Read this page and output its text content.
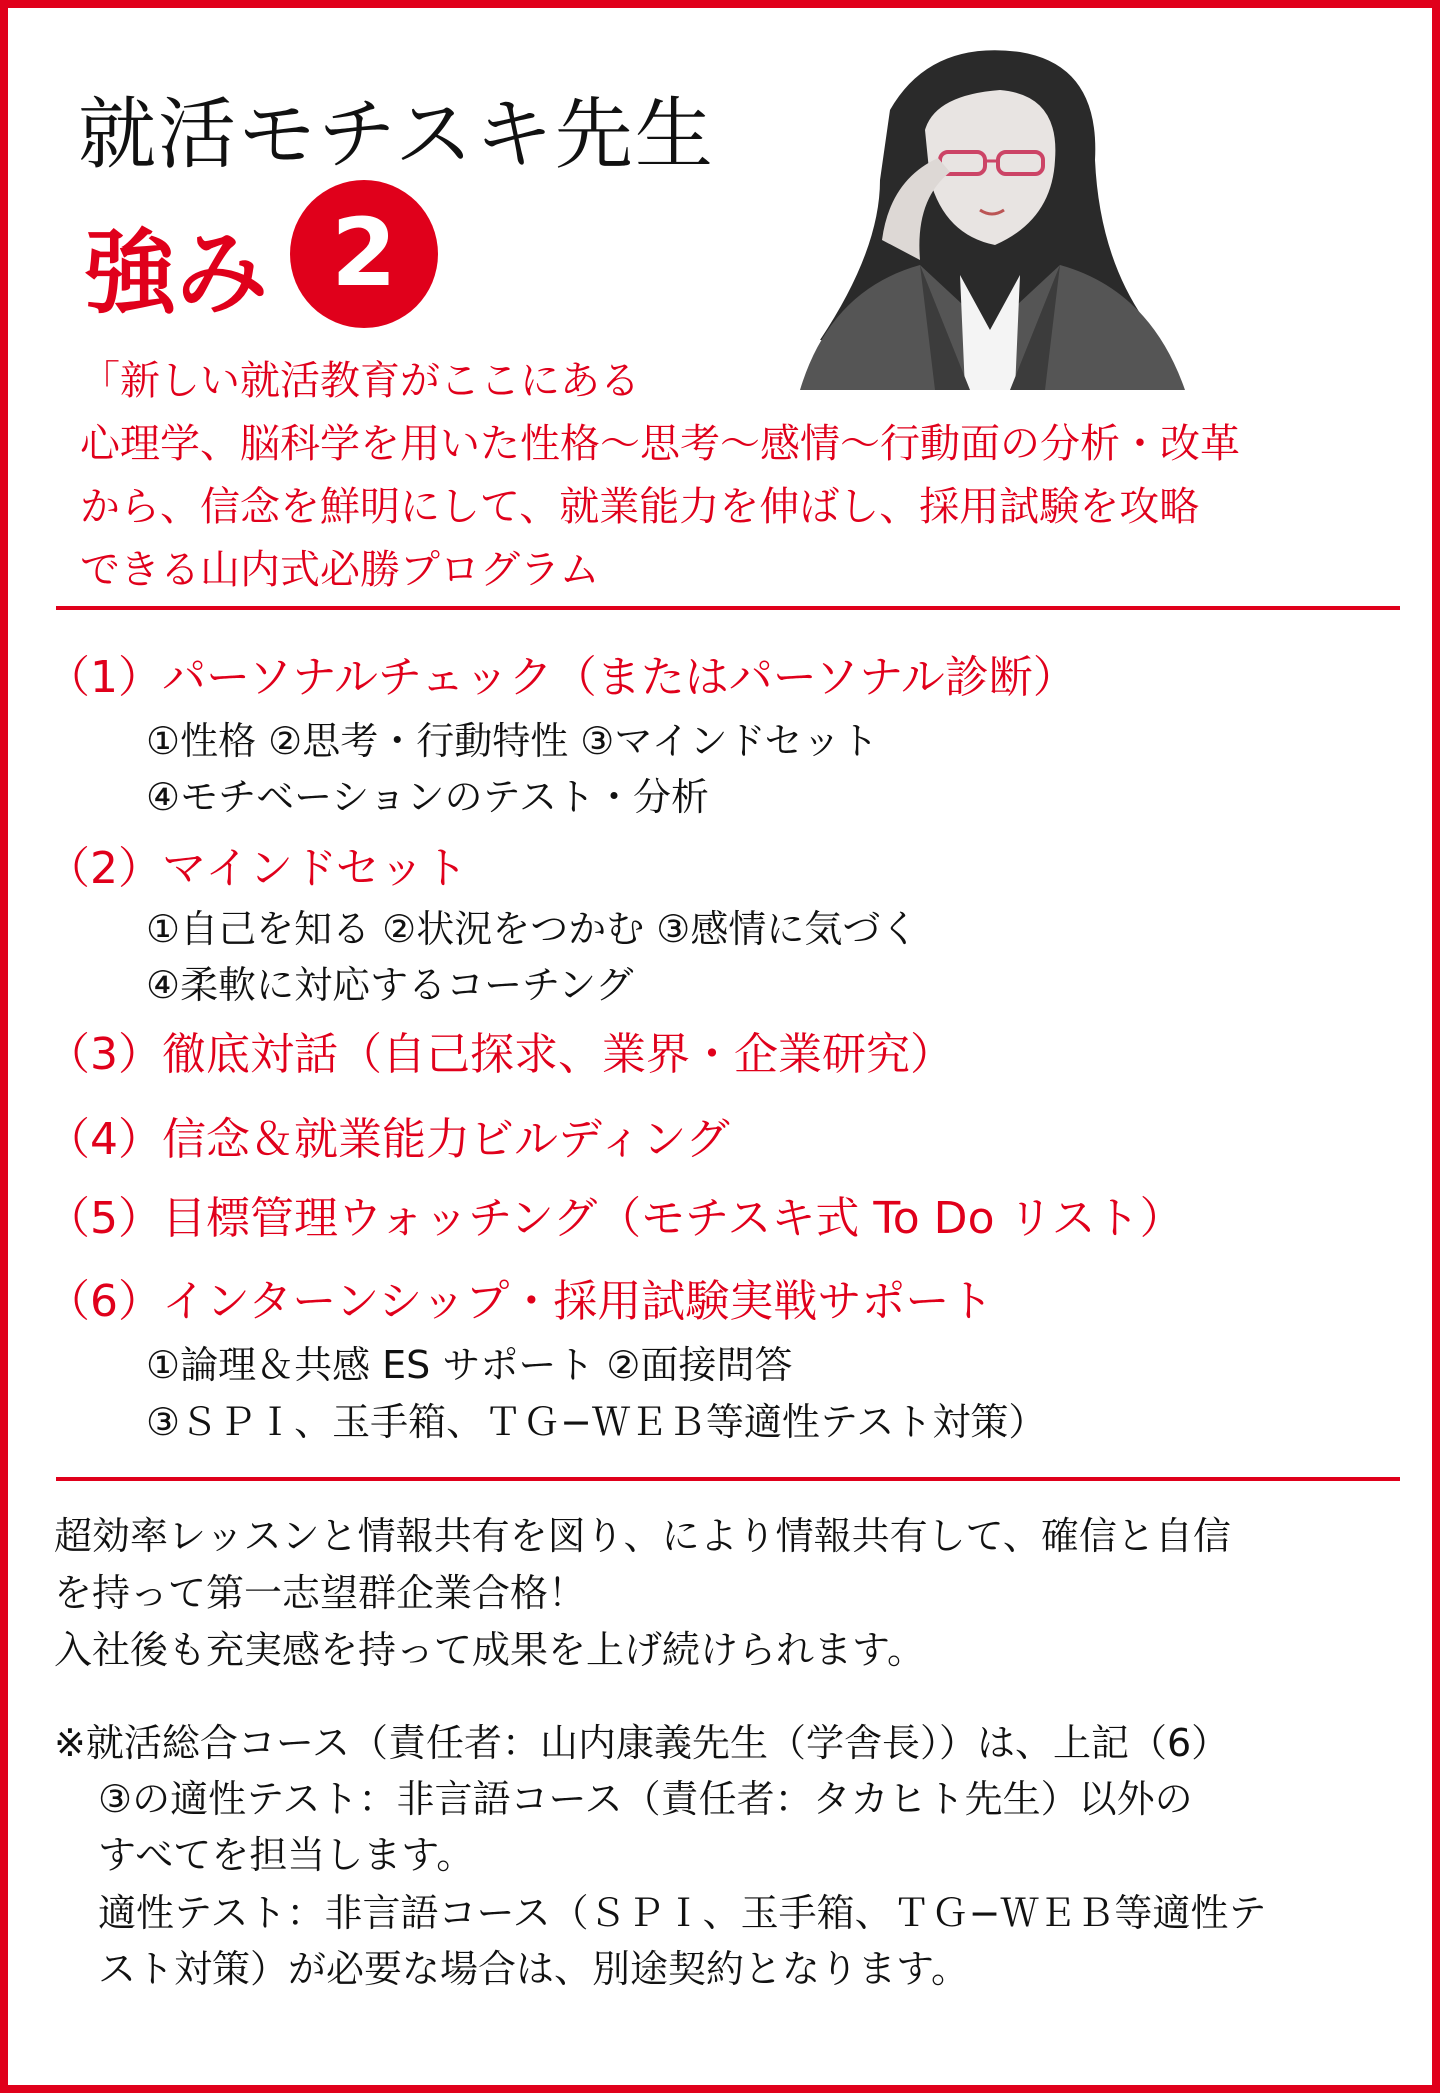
就活モチスキ先生
強み 2
「新しい就活教育がここにある
心理学、脳科学を用いた性格〜思考〜感情〜行動面の分析・改革
から、信念を鮮明にして、就業能力を伸ばし、採用試験を攻略
できる山内式必勝プログラム
（1）パーソナルチェック（またはパーソナル診断）
①性格 ②思考・行動特性 ③マインドセット
④モチベーションのテスト・分析
（2）マインドセット
①自己を知る ②状況をつかむ ③感情に気づく
④柔軟に対応するコーチング
（3）徹底対話（自己探求、業界・企業研究）
（4）信念＆就業能力ビルディング
（5）目標管理ウォッチング（モチスキ式 To Do リスト）
（6）インターンシップ・採用試験実戦サポート
①論理＆共感 ES サポート ②面接問答
③ＳＰＩ、玉手箱、ＴＧ−ＷＥＢ等適性テスト対策）
超効率レッスンと情報共有を図り、により情報共有して、確信と自信
を持って第一志望群企業合格！
入社後も充実感を持って成果を上げ続けられます。
※就活総合コース（責任者：山内康義先生（学舎長））は、上記（6）
③の適性テスト：非言語コース（責任者：タカヒト先生）以外の
すべてを担当します。
適性テスト：非言語コース（ＳＰＩ、玉手箱、ＴＧ−ＷＥＢ等適性テ
スト対策）が必要な場合は、別途契約となります。
